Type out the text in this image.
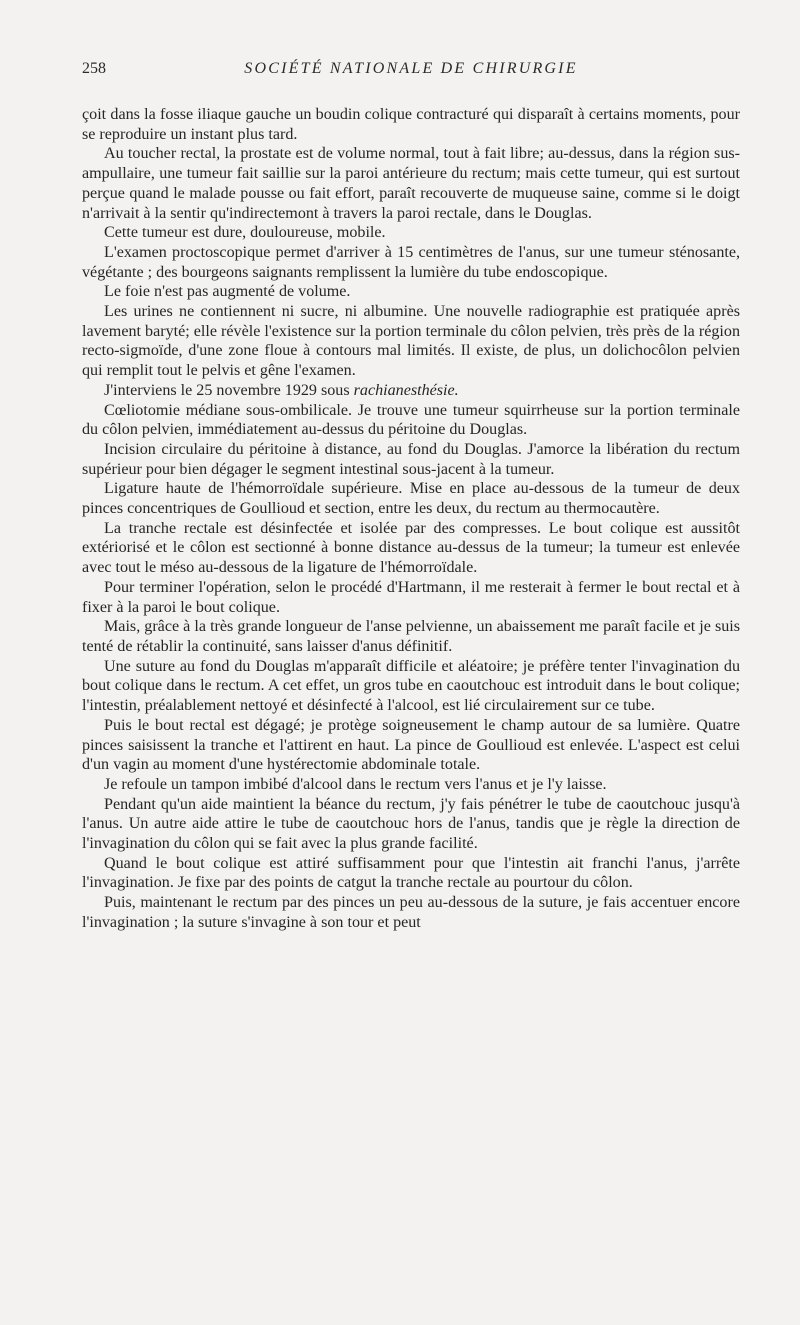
258	SOCIÉTÉ NATIONALE DE CHIRURGIE

çoit dans la fosse iliaque gauche un boudin colique contracturé qui disparaît à certains moments, pour se reproduire un instant plus tard.

Au toucher rectal, la prostate est de volume normal, tout à fait libre; au-dessus, dans la région sus-ampullaire, une tumeur fait saillie sur la paroi antérieure du rectum; mais cette tumeur, qui est surtout perçue quand le malade pousse ou fait effort, paraît recouverte de muqueuse saine, comme si le doigt n'arrivait à la sentir qu'indirectemont à travers la paroi rectale, dans le Douglas.

Cette tumeur est dure, douloureuse, mobile.

L'examen proctoscopique permet d'arriver à 15 centimètres de l'anus, sur une tumeur sténosante, végétante ; des bourgeons saignants remplissent la lumière du tube endoscopique.

Le foie n'est pas augmenté de volume.

Les urines ne contiennent ni sucre, ni albumine. Une nouvelle radiographie est pratiquée après lavement baryté; elle révèle l'existence sur la portion terminale du côlon pelvien, très près de la région recto-sigmoïde, d'une zone floue à contours mal limités. Il existe, de plus, un dolichocôlon pelvien qui remplit tout le pelvis et gêne l'examen.

J'interviens le 25 novembre 1929 sous rachianesthésie.

Cœliotomie médiane sous-ombilicale. Je trouve une tumeur squirrheuse sur la portion terminale du côlon pelvien, immédiatement au-dessus du péritoine du Douglas.

Incision circulaire du péritoine à distance, au fond du Douglas. J'amorce la libération du rectum supérieur pour bien dégager le segment intestinal sous-jacent à la tumeur.

Ligature haute de l'hémorroïdale supérieure. Mise en place au-dessous de la tumeur de deux pinces concentriques de Goullioud et section, entre les deux, du rectum au thermocautère.

La tranche rectale est désinfectée et isolée par des compresses. Le bout colique est aussitôt extériorisé et le côlon est sectionné à bonne distance au-dessus de la tumeur; la tumeur est enlevée avec tout le méso au-dessous de la ligature de l'hémorroïdale.

Pour terminer l'opération, selon le procédé d'Hartmann, il me resterait à fermer le bout rectal et à fixer à la paroi le bout colique.

Mais, grâce à la très grande longueur de l'anse pelvienne, un abaissement me paraît facile et je suis tenté de rétablir la continuité, sans laisser d'anus définitif.

Une suture au fond du Douglas m'apparaît difficile et aléatoire; je préfère tenter l'invagination du bout colique dans le rectum. A cet effet, un gros tube en caoutchouc est introduit dans le bout colique; l'intestin, préalablement nettoyé et désinfecté à l'alcool, est lié circulairement sur ce tube.

Puis le bout rectal est dégagé; je protège soigneusement le champ autour de sa lumière. Quatre pinces saisissent la tranche et l'attirent en haut. La pince de Goullioud est enlevée. L'aspect est celui d'un vagin au moment d'une hystérectomie abdominale totale.

Je refoule un tampon imbibé d'alcool dans le rectum vers l'anus et je l'y laisse.

Pendant qu'un aide maintient la béance du rectum, j'y fais pénétrer le tube de caoutchouc jusqu'à l'anus. Un autre aide attire le tube de caoutchouc hors de l'anus, tandis que je règle la direction de l'invagination du côlon qui se fait avec la plus grande facilité.

Quand le bout colique est attiré suffisamment pour que l'intestin ait franchi l'anus, j'arrête l'invagination. Je fixe par des points de catgut la tranche rectale au pourtour du côlon.

Puis, maintenant le rectum par des pinces un peu au-dessous de la suture, je fais accentuer encore l'invagination ; la suture s'invagine à son tour et peut
